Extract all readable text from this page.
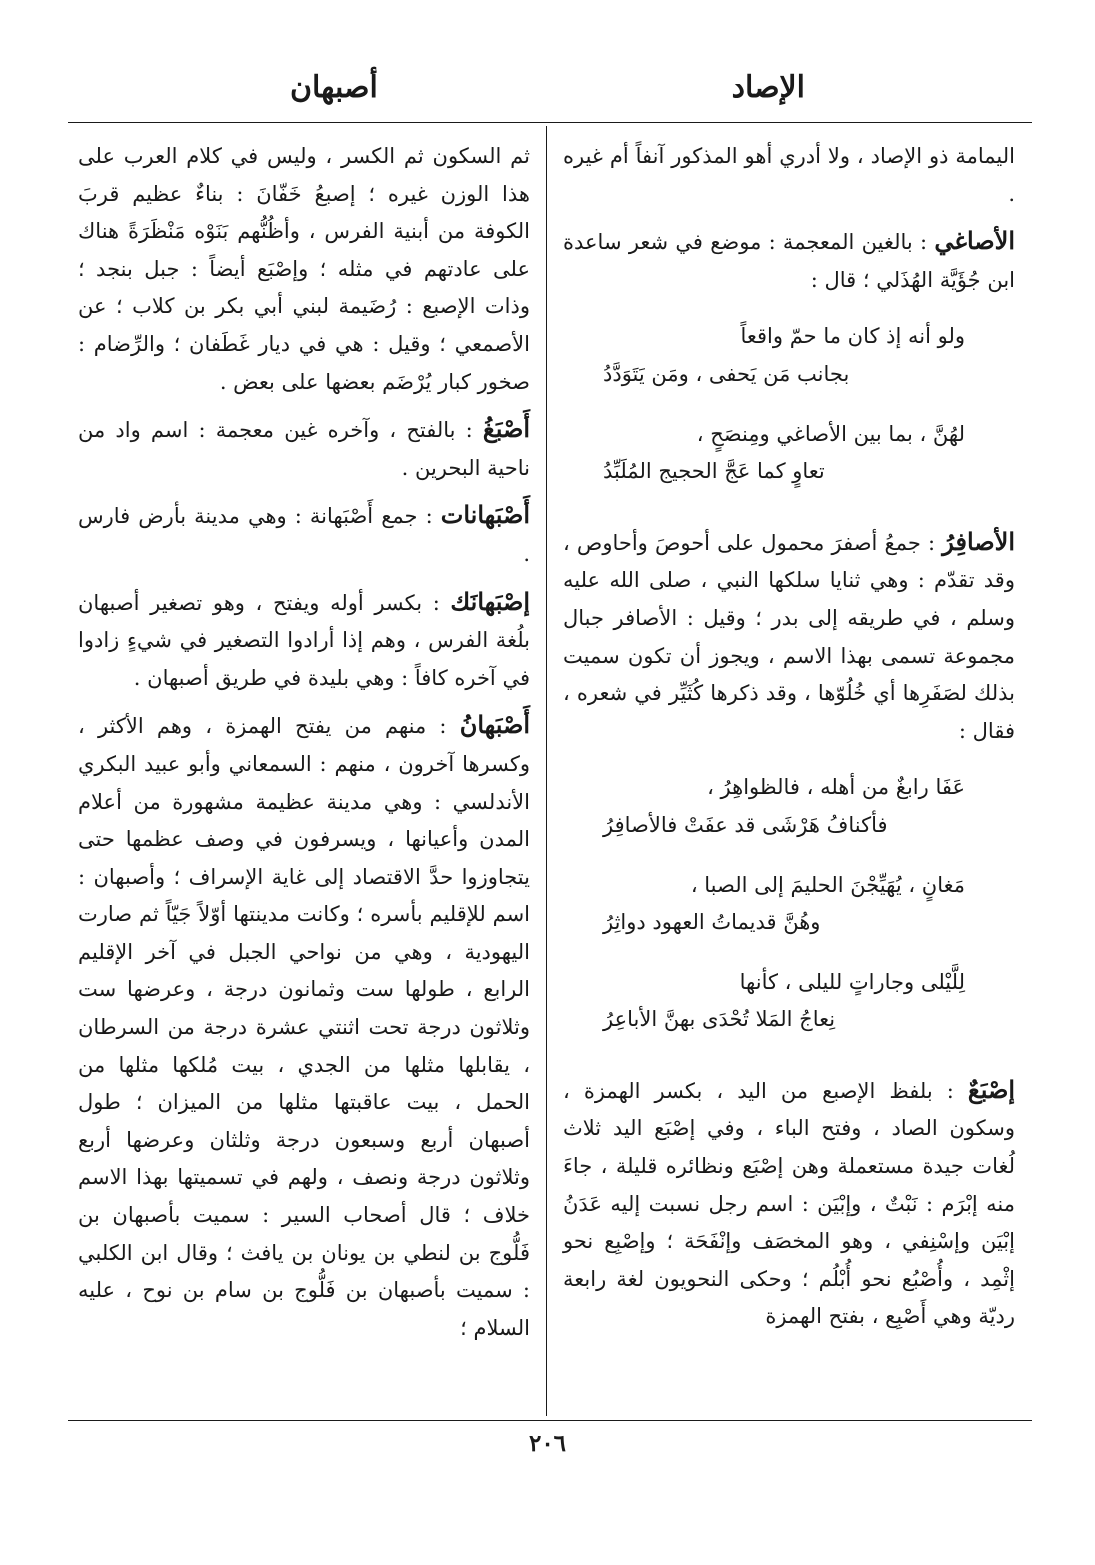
الإصاد
أصبهان

اليمامة ذو الإصاد ، ولا أدري أهو المذكور آنفاً أم غيره .

الأصاغي : بالغين المعجمة : موضع في شعر ساعدة ابن جُؤَيَّة الهُذَلي ؛ قال :

ولو أنه إذ كان ما حمّ واقعاً
بجانب مَن يَحفى ، ومَن يَتَوَدَّدُ
لهُنَّ ، بما بين الأصاغي ومِنصَحٍ ،
تعاوٍ كما عَجَّ الحجيج المُلَبِّدُ

الأصافِرُ : جمعُ أصفرَ محمول على أحوصَ وأحاوص ، وقد تقدّم : وهي ثنايا سلكها النبي ، صلى الله عليه وسلم ، في طريقه إلى بدر ؛ وقيل : الأصافر جبال مجموعة تسمى بهذا الاسم ، ويجوز أن تكون سميت بذلك لصَفَرِها أي خُلُوّها ، وقد ذكرها كُثَيِّر في شعره ، فقال :

عَفَا رابغٌ من أهله ، فالظواهِرُ ،
فأكنافُ هَرْشَى قد عفَتْ فالأصافِرُ
مَغانٍ ، يُهَيِّجْنَ الحليمَ إلى الصبا ،
وهُنَّ قديماتُ العهود دواثِرُ
لِلَّيْلى وجاراتٍ لليلى ، كأنها
نِعاجُ المَلا تُحْدَى بهنَّ الأباعِرُ

إصْبَعٌ : بلفظ الإصبع من اليد ، بكسر الهمزة ، وسكون الصاد ، وفتح الباء ، وفي إصْبَع اليد ثلاث لُغات جيدة مستعملة وهن إصْبَع ونظائره قليلة ، جاءَ منه إبْرَم : نَبْتٌ ، وإبْيَن : اسم رجل نسبت إليه عَدَنُ إبْيَن وإسْنِفي ، وهو المخصَف وإنْفَحَة ؛ وإصْبِع نحو إثْمِد ، وأُصْبُع نحو أُبْلُم ؛ وحكى النحويون لغة رابعة رديّة وهي أَصْبِع ، بفتح الهمزة

ثم السكون ثم الكسر ، وليس في كلام العرب على هذا الوزن غيره ؛ إصبعُ خَفّانَ : بناءٌ عظيم قربَ الكوفة من أبنية الفرس ، وأظُنُّهم بَنَوْه مَنْظَرَةً هناك على عادتهم في مثله ؛ وإصْبَع أيضاً : جبل بنجد ؛ وذات الإصبع : رُضَيمة لبني أبي بكر بن كلاب ؛ عن الأصمعي ؛ وقيل : هي في ديار غَطَفان ؛ والرِّضام : صخور كبار يُرْضَم بعضها على بعض .

أَصْبَغُ : بالفتح ، وآخره غين معجمة : اسم واد من ناحية البحرين .

أَصْبَهانات : جمع أَصْبَهانة : وهي مدينة بأرض فارس .

إصْبَهانَك : بكسر أوله ويفتح ، وهو تصغير أصبهان بلُغة الفرس ، وهم إذا أرادوا التصغير في شيءٍ زادوا في آخره كافاً : وهي بليدة في طريق أصبهان .

أَصْبَهانُ : منهم من يفتح الهمزة ، وهم الأكثر ، وكسرها آخرون ، منهم : السمعاني وأبو عبيد البكري الأندلسي : وهي مدينة عظيمة مشهورة من أعلام المدن وأعيانها ، ويسرفون في وصف عظمها حتى يتجاوزوا حدَّ الاقتصاد إلى غاية الإسراف ؛ وأصبهان : اسم للإقليم بأسره ؛ وكانت مدينتها أوّلاً جَيّاً ثم صارت اليهودية ، وهي من نواحي الجبل في آخر الإقليم الرابع ، طولها ست وثمانون درجة ، وعرضها ست وثلاثون درجة تحت اثنتي عشرة درجة من السرطان ، يقابلها مثلها من الجدي ، بيت مُلكها مثلها من الحمل ، بيت عاقبتها مثلها من الميزان ؛ طول أصبهان أربع وسبعون درجة وثلثان وعرضها أربع وثلاثون درجة ونصف ، ولهم في تسميتها بهذا الاسم خلاف ؛ قال أصحاب السير : سميت بأصبهان بن فَلُّوج بن لنطي بن يونان بن يافث ؛ وقال ابن الكلبي : سميت بأصبهان بن فَلُّوج بن سام بن نوح ، عليه السلام ؛

٢٠٦
